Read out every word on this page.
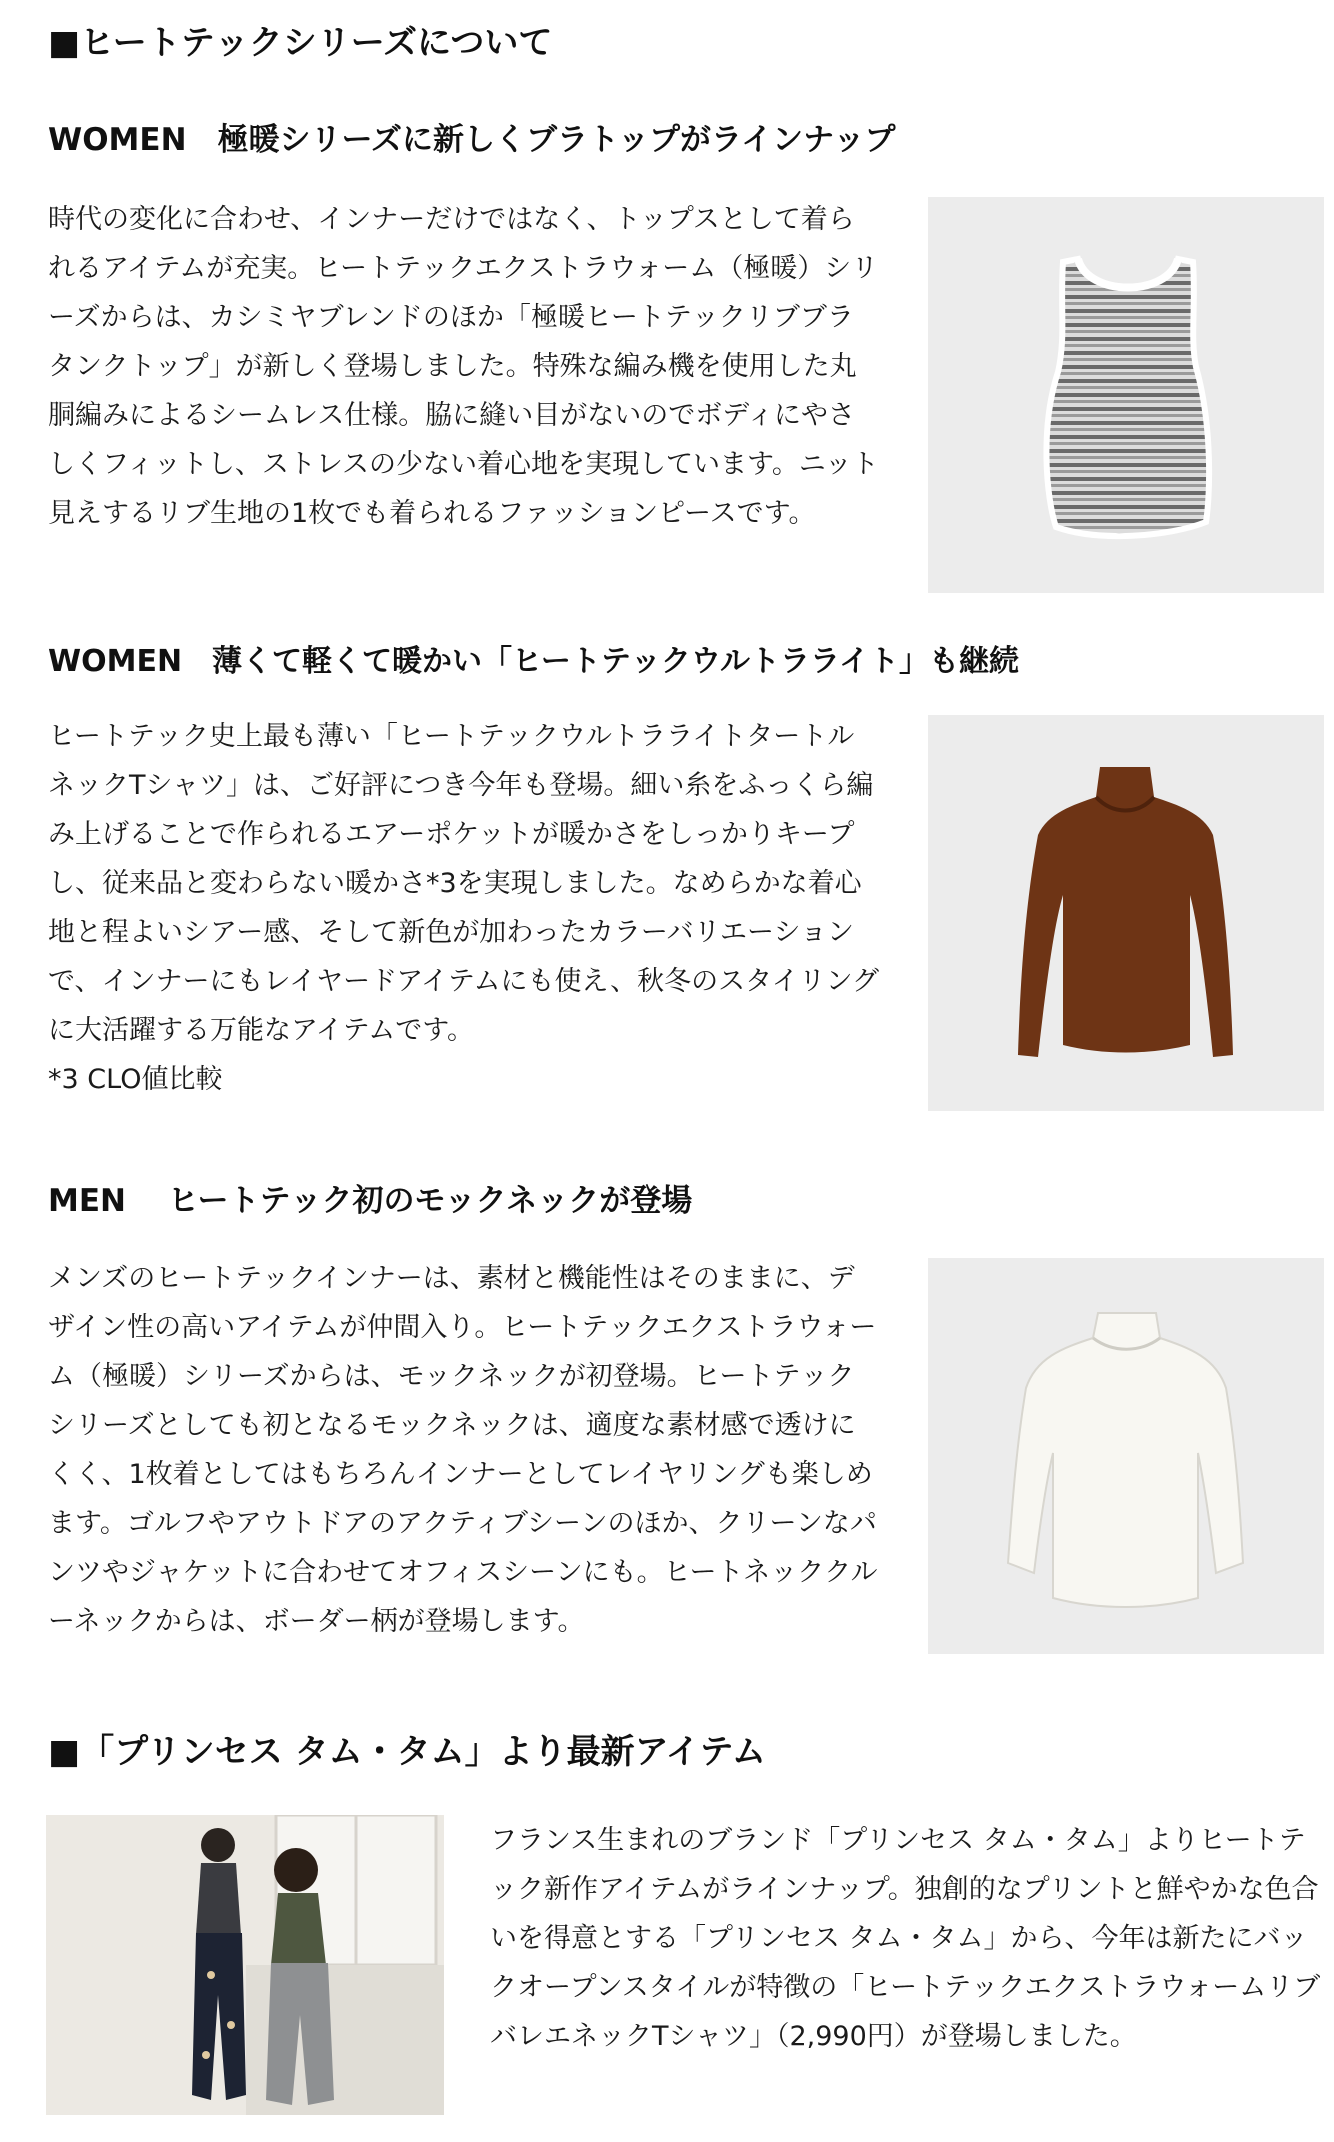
■ヒートテックシリーズについて
WOMEN　極暖シリーズに新しくブラトップがラインナップ

時代の変化に合わせ、インナーだけではなく、トップスとして着られるアイテムが充実。ヒートテックエクストラウォーム（極暖）シリーズからは、カシミヤブレンドのほか「極暖ヒートテックリブブラタンクトップ」が新しく登場しました。特殊な編み機を使用した丸胴編みによるシームレス仕様。脇に縫い目がないのでボディにやさしくフィットし、ストレスの少ない着心地を実現しています。ニット見えするリブ生地の1枚でも着られるファッションピースです。

WOMEN　薄くて軽くて暖かい「ヒートテックウルトラライト」も継続

ヒートテック史上最も薄い「ヒートテックウルトラライトタートルネックTシャツ」は、ご好評につき今年も登場。細い糸をふっくら編み上げることで作られるエアーポケットが暖かさをしっかりキープし、従来品と変わらない暖かさ*3を実現しました。なめらかな着心地と程よいシアー感、そして新色が加わったカラーバリエーションで、インナーにもレイヤードアイテムにも使え、秋冬のスタイリングに大活躍する万能なアイテムです。

*3 CLO値比較

MEN　 ヒートテック初のモックネックが登場

メンズのヒートテックインナーは、素材と機能性はそのままに、デザイン性の高いアイテムが仲間入り。ヒートテックエクストラウォーム（極暖）シリーズからは、モックネックが初登場。ヒートテックシリーズとしても初となるモックネックは、適度な素材感で透けにくく、1枚着としてはもちろんインナーとしてレイヤリングも楽しめます。ゴルフやアウトドアのアクティブシーンのほか、クリーンなパンツやジャケットに合わせてオフィスシーンにも。ヒートネッククルーネックからは、ボーダー柄が登場します。

■「プリンセス タム・タム」より最新アイテム

フランス生まれのブランド「プリンセス タム・タム」よりヒートテック新作アイテムがラインナップ。独創的なプリントと鮮やかな色合いを得意とする「プリンセス タム・タム」から、今年は新たにバックオープンスタイルが特徴の「ヒートテックエクストラウォームリブバレエネックTシャツ」（2,990円）が登場しました。
